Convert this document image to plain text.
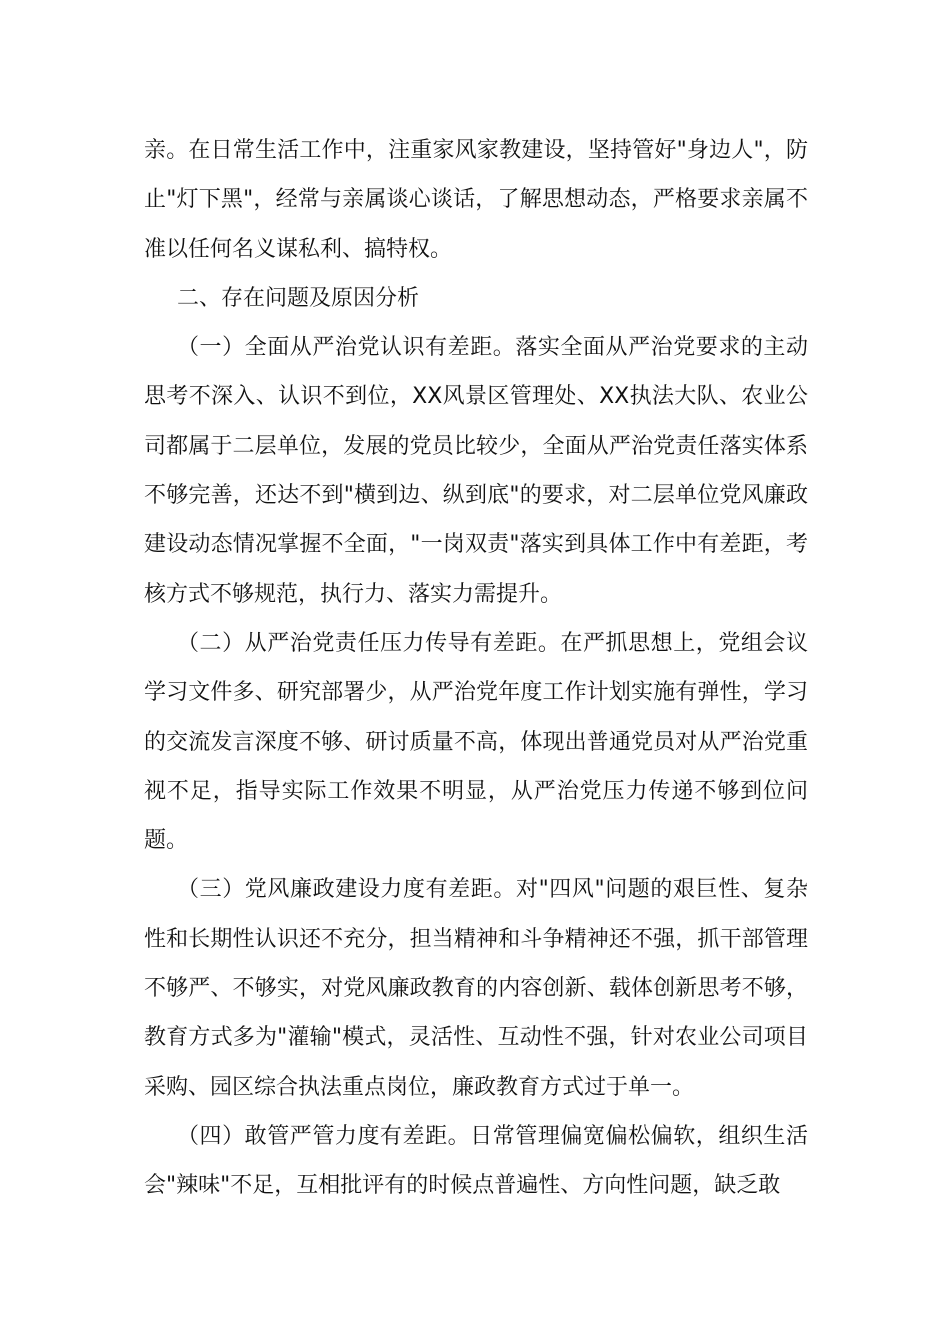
亲。在日常生活工作中，注重家风家教建设，坚持管好"身边人"，防止"灯下黑"，经常与亲属谈心谈话，了解思想动态，严格要求亲属不准以任何名义谋私利、搞特权。

二、存在问题及原因分析

（一）全面从严治党认识有差距。落实全面从严治党要求的主动思考不深入、认识不到位，XX风景区管理处、XX执法大队、农业公司都属于二层单位，发展的党员比较少，全面从严治党责任落实体系不够完善，还达不到"横到边、纵到底"的要求，对二层单位党风廉政建设动态情况掌握不全面，"一岗双责"落实到具体工作中有差距，考核方式不够规范，执行力、落实力需提升。

（二）从严治党责任压力传导有差距。在严抓思想上，党组会议学习文件多、研究部署少，从严治党年度工作计划实施有弹性，学习的交流发言深度不够、研讨质量不高，体现出普通党员对从严治党重视不足，指导实际工作效果不明显，从严治党压力传递不够到位问题。

（三）党风廉政建设力度有差距。对"四风"问题的艰巨性、复杂性和长期性认识还不充分，担当精神和斗争精神还不强，抓干部管理不够严、不够实，对党风廉政教育的内容创新、载体创新思考不够，教育方式多为"灌输"模式，灵活性、互动性不强，针对农业公司项目采购、园区综合执法重点岗位，廉政教育方式过于单一。

（四）敢管严管力度有差距。日常管理偏宽偏松偏软，组织生活会"辣味"不足，互相批评有的时候点普遍性、方向性问题，缺乏敢
